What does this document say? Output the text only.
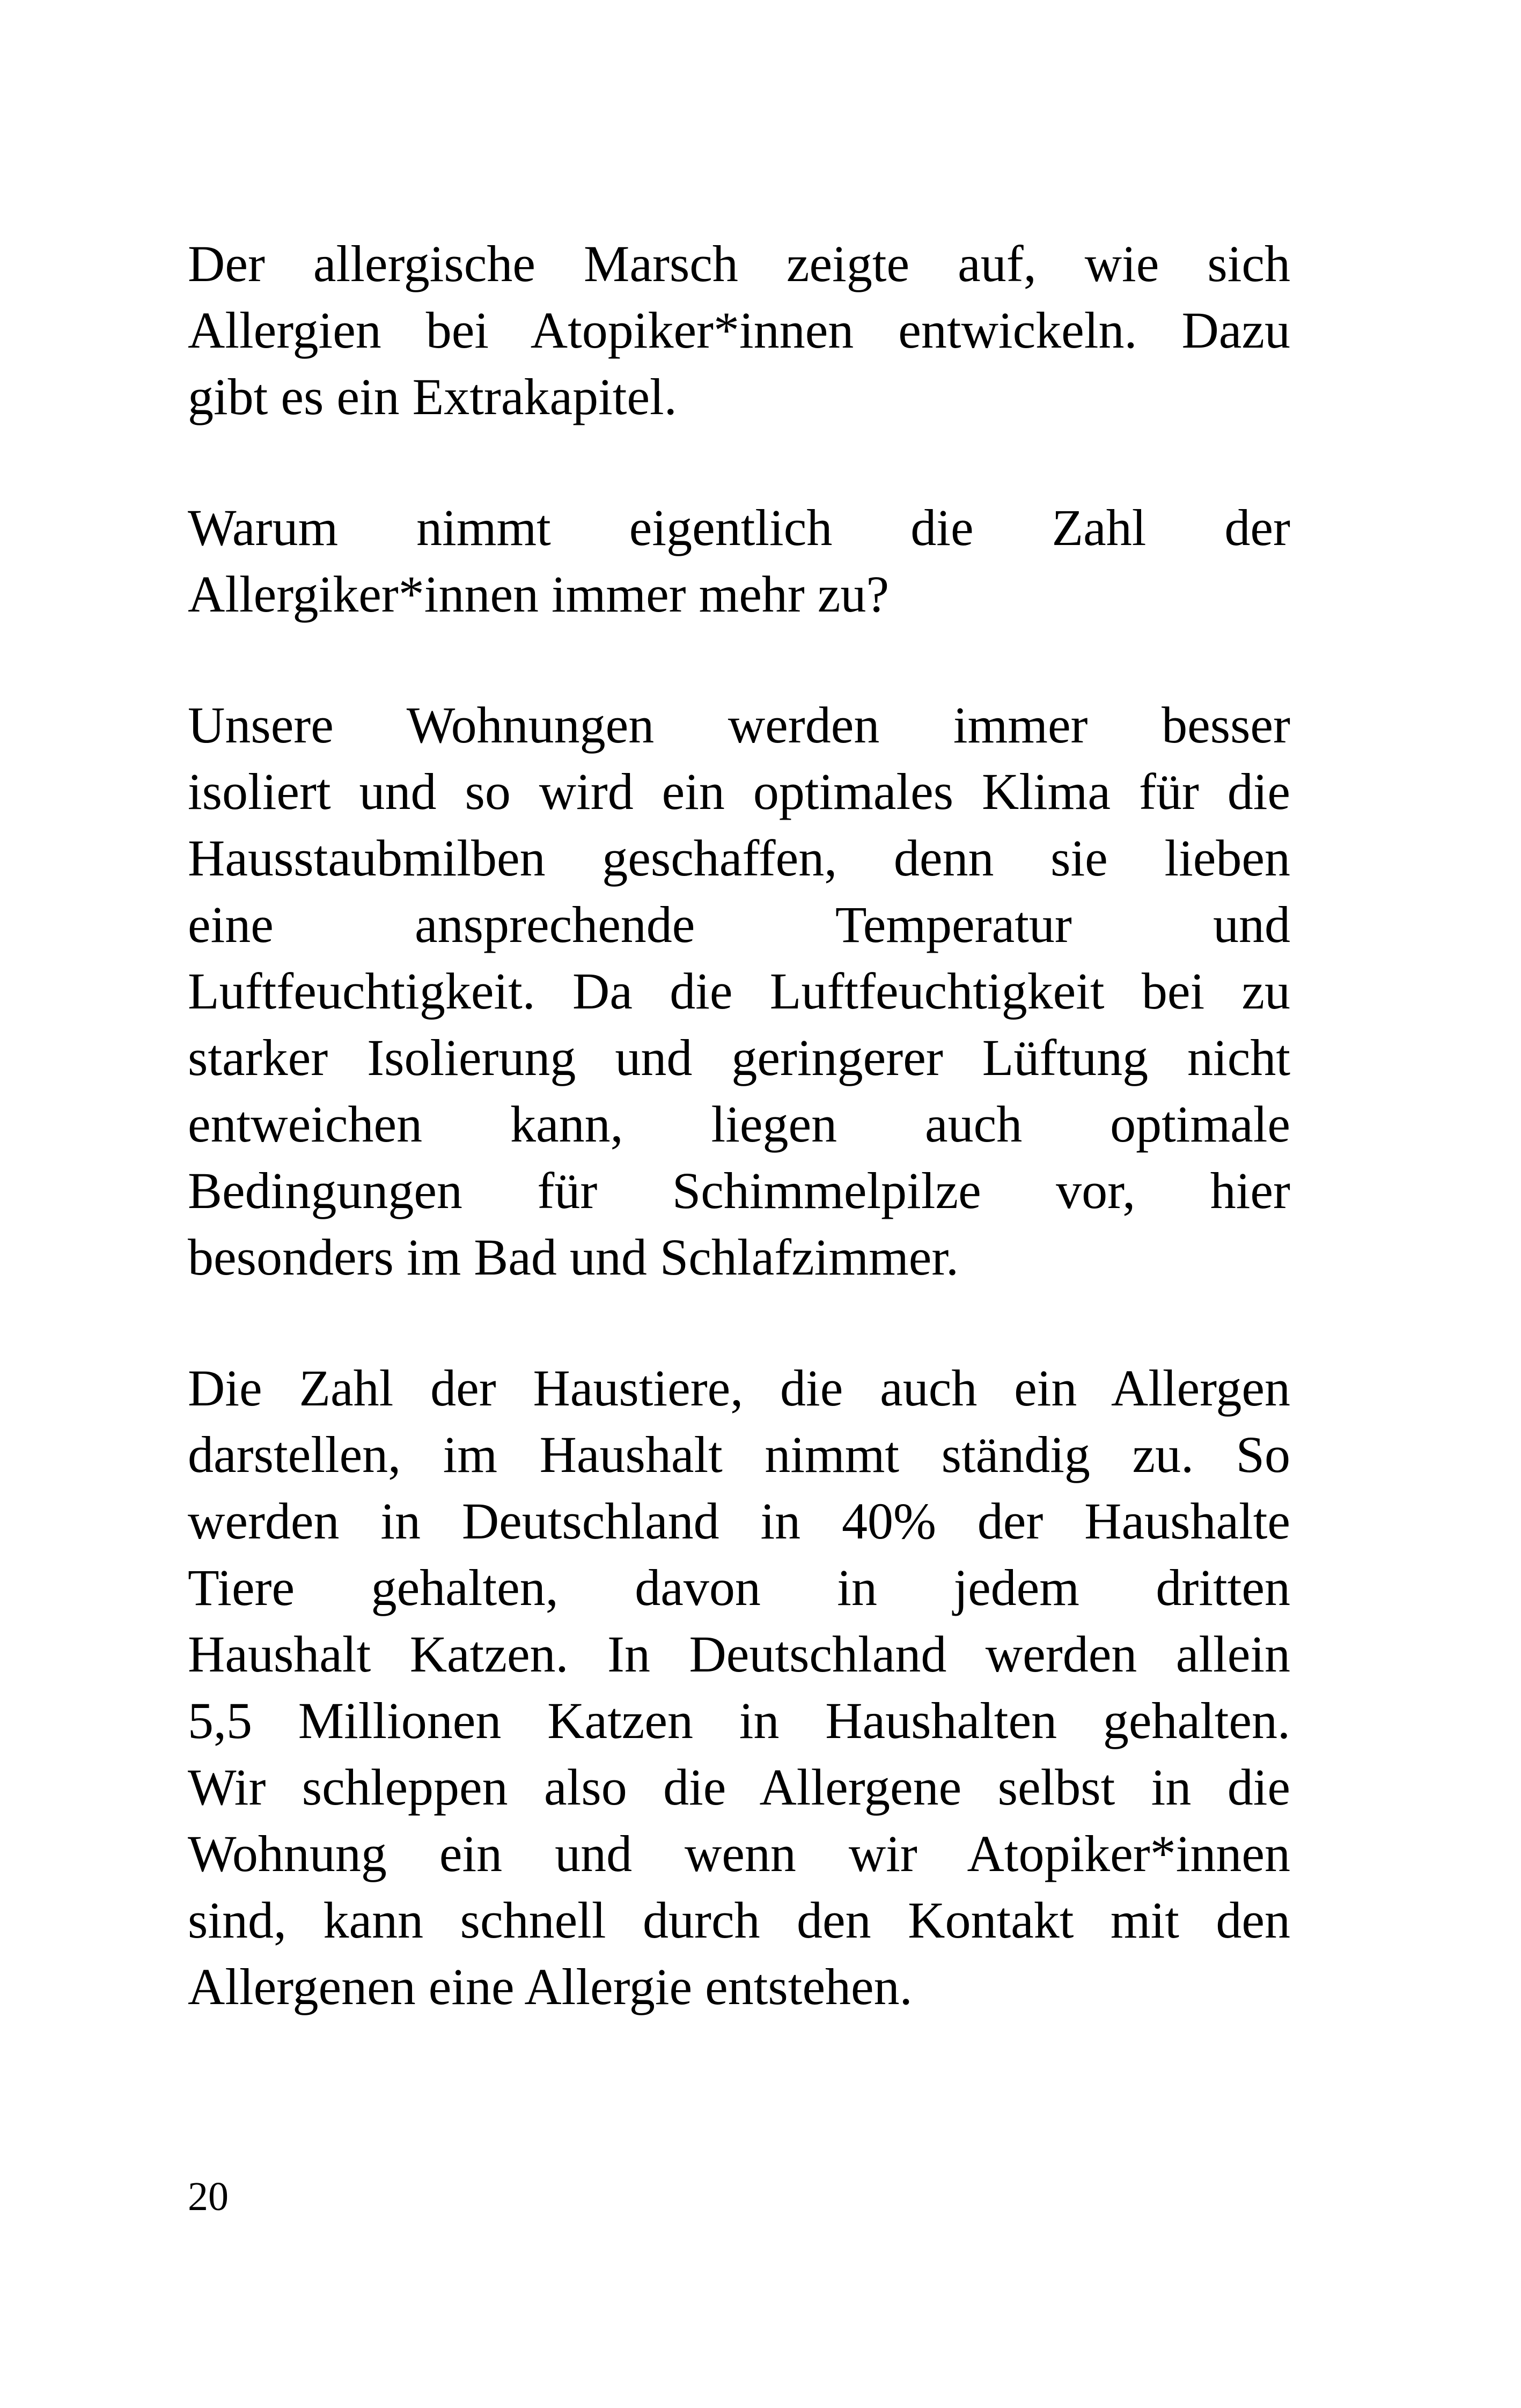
Der allergische Marsch zeigte auf, wie sich
Allergien bei Atopiker*innen entwickeln. Dazu
gibt es ein Extrakapitel.

Warum nimmt eigentlich die Zahl der
Allergiker*innen immer mehr zu?

Unsere Wohnungen werden immer besser
isoliert und so wird ein optimales Klima für die
Hausstaubmilben geschaffen, denn sie lieben
eine ansprechende Temperatur und
Luftfeuchtigkeit. Da die Luftfeuchtigkeit bei zu
starker Isolierung und geringerer Lüftung nicht
entweichen kann, liegen auch optimale
Bedingungen für Schimmelpilze vor, hier
besonders im Bad und Schlafzimmer.

Die Zahl der Haustiere, die auch ein Allergen
darstellen, im Haushalt nimmt ständig zu. So
werden in Deutschland in 40% der Haushalte
Tiere gehalten, davon in jedem dritten
Haushalt Katzen. In Deutschland werden allein
5,5 Millionen Katzen in Haushalten gehalten.
Wir schleppen also die Allergene selbst in die
Wohnung ein und wenn wir Atopiker*innen
sind, kann schnell durch den Kontakt mit den
Allergenen eine Allergie entstehen.

20
